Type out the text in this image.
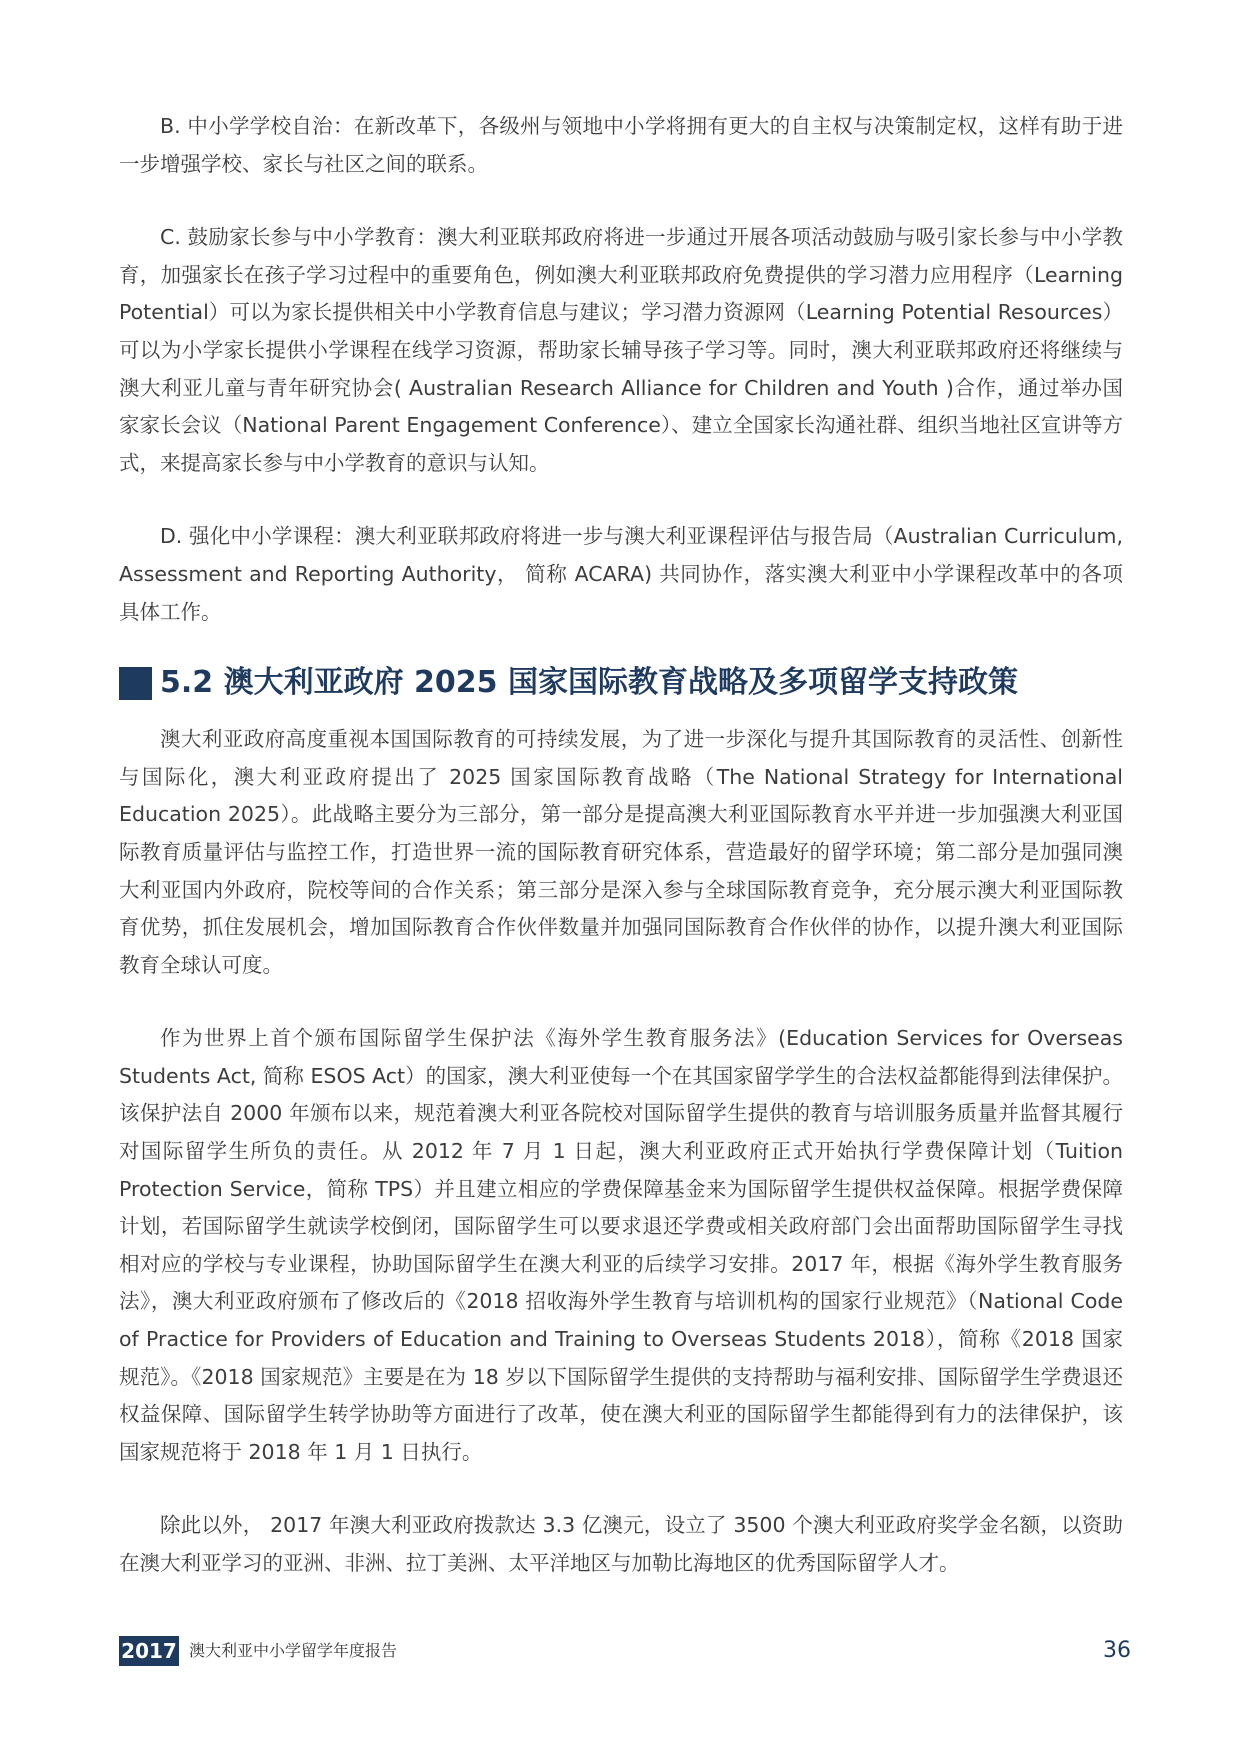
B. 中小学学校自治：在新改革下，各级州与领地中小学将拥有更大的自主权与决策制定权，这样有助于进一步增强学校、家长与社区之间的联系。

C. 鼓励家长参与中小学教育：澳大利亚联邦政府将进一步通过开展各项活动鼓励与吸引家长参与中小学教育，加强家长在孩子学习过程中的重要角色，例如澳大利亚联邦政府免费提供的学习潜力应用程序（Learning Potential）可以为家长提供相关中小学教育信息与建议；学习潜力资源网（Learning Potential Resources）可以为小学家长提供小学课程在线学习资源，帮助家长辅导孩子学习等。同时，澳大利亚联邦政府还将继续与澳大利亚儿童与青年研究协会( Australian Research Alliance for Children and Youth )合作，通过举办国家家长会议（National Parent Engagement Conference）、建立全国家长沟通社群、组织当地社区宣讲等方式，来提高家长参与中小学教育的意识与认知。

D. 强化中小学课程：澳大利亚联邦政府将进一步与澳大利亚课程评估与报告局（Australian Curriculum, Assessment and Reporting Authority， 简称 ACARA) 共同协作，落实澳大利亚中小学课程改革中的各项具体工作。

5.2 澳大利亚政府 2025 国家国际教育战略及多项留学支持政策

澳大利亚政府高度重视本国国际教育的可持续发展，为了进一步深化与提升其国际教育的灵活性、创新性与国际化，澳大利亚政府提出了 2025 国家国际教育战略（The National Strategy for International Education 2025）。此战略主要分为三部分，第一部分是提高澳大利亚国际教育水平并进一步加强澳大利亚国际教育质量评估与监控工作，打造世界一流的国际教育研究体系，营造最好的留学环境；第二部分是加强同澳大利亚国内外政府，院校等间的合作关系；第三部分是深入参与全球国际教育竞争，充分展示澳大利亚国际教育优势，抓住发展机会，增加国际教育合作伙伴数量并加强同国际教育合作伙伴的协作，以提升澳大利亚国际教育全球认可度。

作为世界上首个颁布国际留学生保护法《海外学生教育服务法》(Education Services for Overseas Students Act, 简称 ESOS Act）的国家，澳大利亚使每一个在其国家留学学生的合法权益都能得到法律保护。该保护法自 2000 年颁布以来，规范着澳大利亚各院校对国际留学生提供的教育与培训服务质量并监督其履行对国际留学生所负的责任。从 2012 年 7 月 1 日起，澳大利亚政府正式开始执行学费保障计划（Tuition Protection Service，简称 TPS）并且建立相应的学费保障基金来为国际留学生提供权益保障。根据学费保障计划，若国际留学生就读学校倒闭，国际留学生可以要求退还学费或相关政府部门会出面帮助国际留学生寻找相对应的学校与专业课程，协助国际留学生在澳大利亚的后续学习安排。2017 年，根据《海外学生教育服务法》，澳大利亚政府颁布了修改后的《2018 招收海外学生教育与培训机构的国家行业规范》（National Code of Practice for Providers of Education and Training to Overseas Students 2018），简称《2018 国家规范》。《2018 国家规范》主要是在为 18 岁以下国际留学生提供的支持帮助与福利安排、国际留学生学费退还权益保障、国际留学生转学协助等方面进行了改革，使在澳大利亚的国际留学生都能得到有力的法律保护，该国家规范将于 2018 年 1 月 1 日执行。

除此以外， 2017 年澳大利亚政府拨款达 3.3 亿澳元，设立了 3500 个澳大利亚政府奖学金名额，以资助在澳大利亚学习的亚洲、非洲、拉丁美洲、太平洋地区与加勒比海地区的优秀国际留学人才。

2017 澳大利亚中小学留学年度报告	36
